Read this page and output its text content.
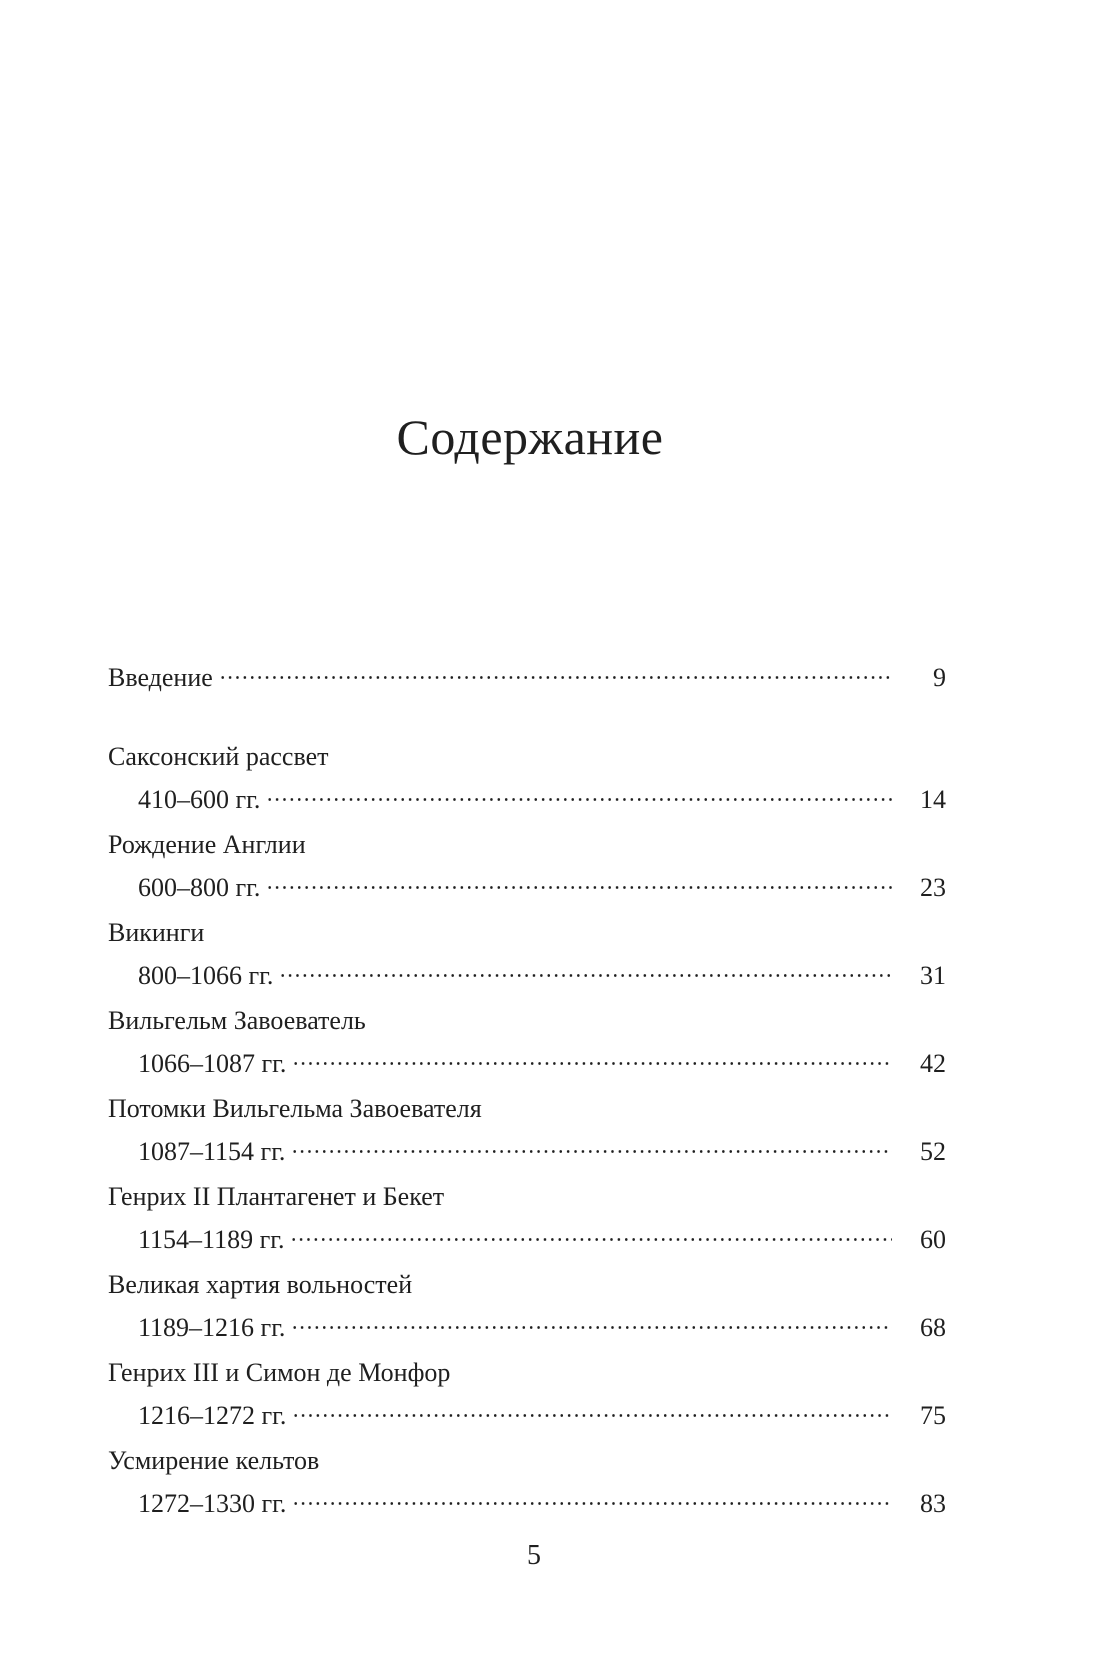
Содержание
Введение	9
Саксонский рассвет
410–600 гг.	14
Рождение Англии
600–800 гг.	23
Викинги
800–1066 гг.	31
Вильгельм Завоеватель
1066–1087 гг.	42
Потомки Вильгельма Завоевателя
1087–1154 гг.	52
Генрих II Плантагенет и Бекет
1154–1189 гг.	60
Великая хартия вольностей
1189–1216 гг.	68
Генрих III и Симон де Монфор
1216–1272 гг.	75
Усмирение кельтов
1272–1330 гг.	83
5
